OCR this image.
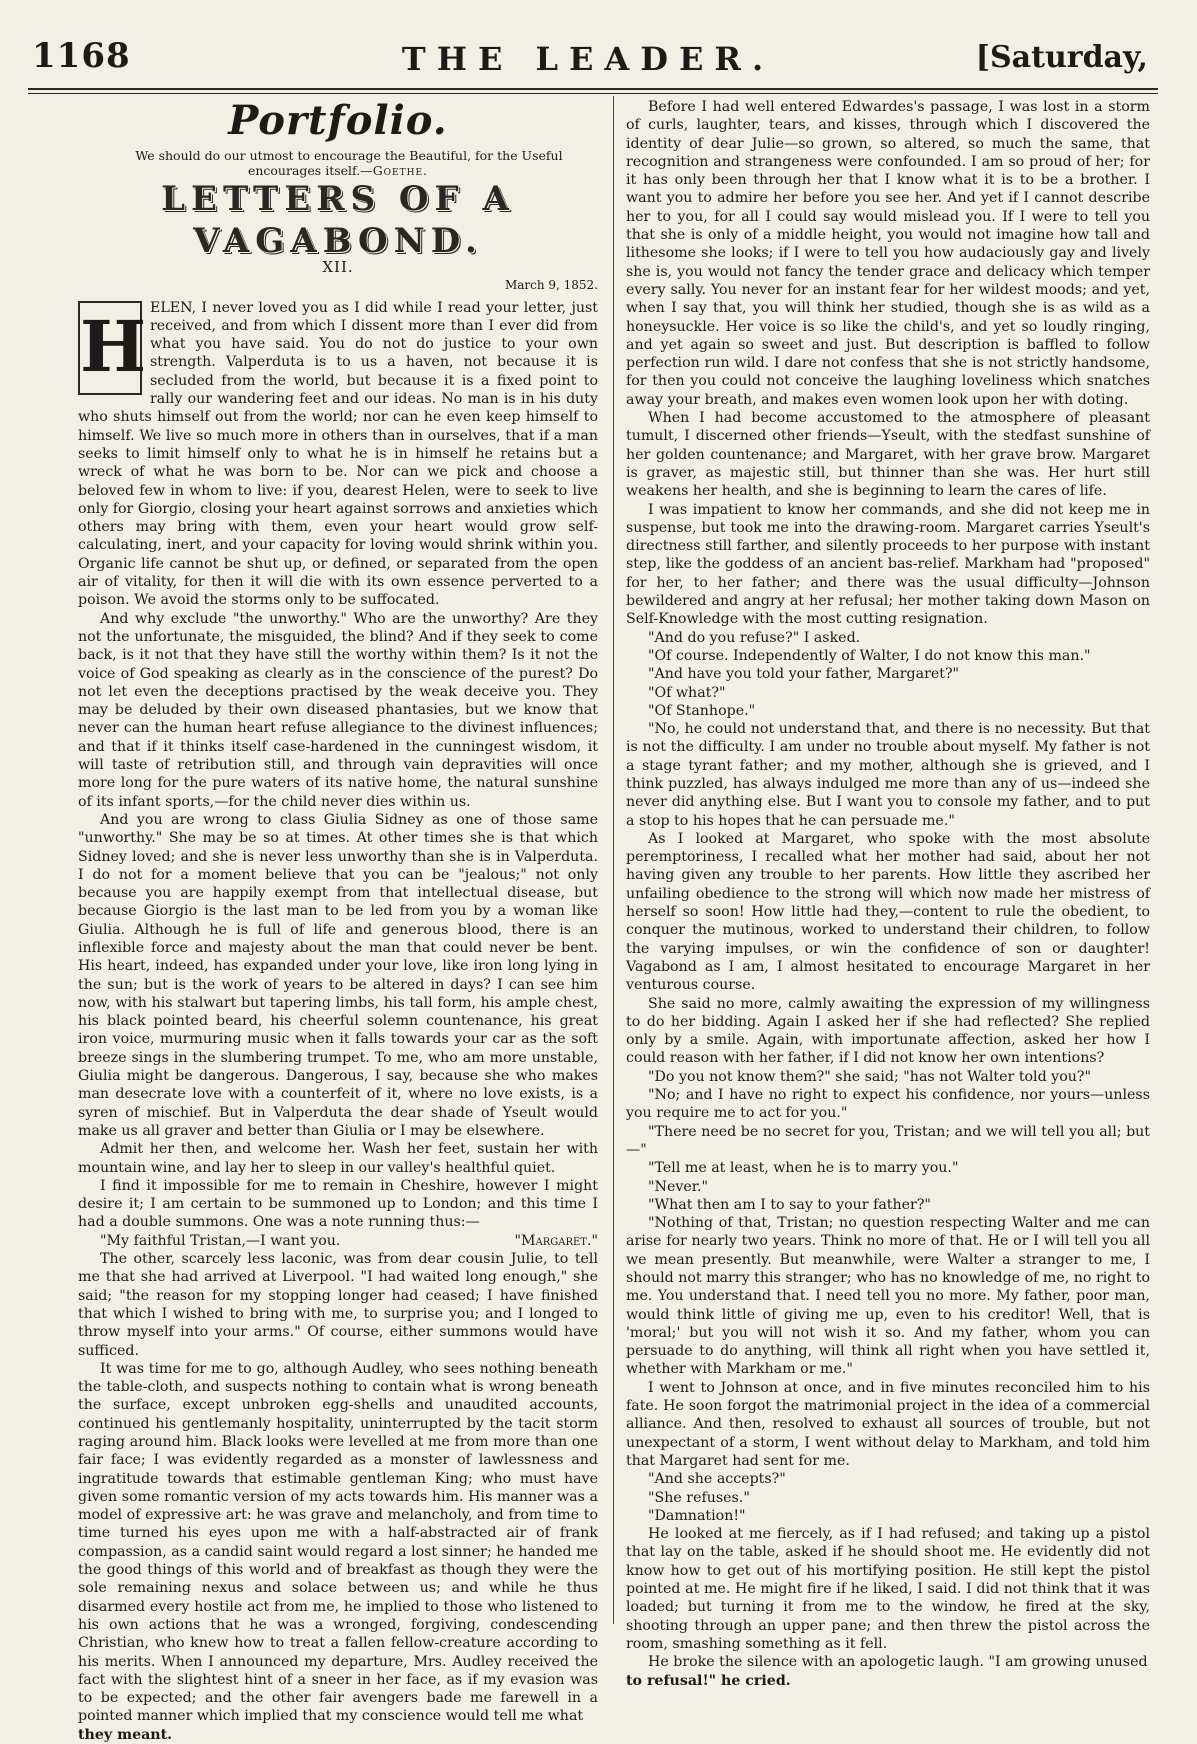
1168	THE LEADER.	[Saturday,
Portfolio.

We should do our utmost to encourage the Beautiful, for the Useful encourages itself.—Goethe.

LETTERS OF A VAGABOND.
XII.
March 9, 1852.
H ELEN, I never loved you as I did while I read your letter, just received, and from which I dissent more than I ever did from what you have said. You do not do justice to your own strength. Valperduta is to us a haven, not because it is secluded from the world, but because it is a fixed point to rally our wandering feet and our ideas. No man is in his duty who shuts himself out from the world; nor can he even keep himself to himself. We live so much more in others than in ourselves, that if a man seeks to limit himself only to what he is in himself he retains but a wreck of what he was born to be. Nor can we pick and choose a beloved few in whom to live: if you, dearest Helen, were to seek to live only for Giorgio, closing your heart against sorrows and anxieties which others may bring with them, even your heart would grow self-calculating, inert, and your capacity for loving would shrink within you. Organic life cannot be shut up, or defined, or separated from the open air of vitality, for then it will die with its own essence perverted to a poison. We avoid the storms only to be suffocated.

And why exclude "the unworthy." Who are the unworthy? Are they not the unfortunate, the misguided, the blind? And if they seek to come back, is it not that they have still the worthy within them? Is it not the voice of God speaking as clearly as in the conscience of the purest? Do not let even the deceptions practised by the weak deceive you. They may be deluded by their own diseased phantasies, but we know that never can the human heart refuse allegiance to the divinest influences; and that if it thinks itself case-hardened in the cunningest wisdom, it will taste of retribution still, and through vain depravities will once more long for the pure waters of its native home, the natural sunshine of its infant sports,—for the child never dies within us.

And you are wrong to class Giulia Sidney as one of those same "unworthy." She may be so at times. At other times she is that which Sidney loved; and she is never less unworthy than she is in Valperduta. I do not for a moment believe that you can be "jealous;" not only because you are happily exempt from that intellectual disease, but because Giorgio is the last man to be led from you by a woman like Giulia. Although he is full of life and generous blood, there is an inflexible force and majesty about the man that could never be bent. His heart, indeed, has expanded under your love, like iron long lying in the sun; but is the work of years to be altered in days? I can see him now, with his stalwart but tapering limbs, his tall form, his ample chest, his black pointed beard, his cheerful solemn countenance, his great iron voice, murmuring music when it falls towards your car as the soft breeze sings in the slumbering trumpet. To me, who am more unstable, Giulia might be dangerous. Dangerous, I say, because she who makes man desecrate love with a counterfeit of it, where no love exists, is a syren of mischief. But in Valperduta the dear shade of Yseult would make us all graver and better than Giulia or I may be elsewhere.

Admit her then, and welcome her. Wash her feet, sustain her with mountain wine, and lay her to sleep in our valley's healthful quiet.

I find it impossible for me to remain in Cheshire, however I might desire it; I am certain to be summoned up to London; and this time I had a double summons. One was a note running thus:—

"My faithful Tristan,—I want you.	"Margaret."

The other, scarcely less laconic, was from dear cousin Julie, to tell me that she had arrived at Liverpool. "I had waited long enough," she said; "the reason for my stopping longer had ceased; I have finished that which I wished to bring with me, to surprise you; and I longed to throw myself into your arms." Of course, either summons would have sufficed.

It was time for me to go, although Audley, who sees nothing beneath the table-cloth, and suspects nothing to contain what is wrong beneath the surface, except unbroken egg-shells and unaudited accounts, continued his gentlemanly hospitality, uninterrupted by the tacit storm raging around him. Black looks were levelled at me from more than one fair face; I was evidently regarded as a monster of lawlessness and ingratitude towards that estimable gentleman King; who must have given some romantic version of my acts towards him. His manner was a model of expressive art: he was grave and melancholy, and from time to time turned his eyes upon me with a half-abstracted air of frank compassion, as a candid saint would regard a lost sinner; he handed me the good things of this world and of breakfast as though they were the sole remaining nexus and solace between us; and while he thus disarmed every hostile act from me, he implied to those who listened to his own actions that he was a wronged, forgiving, condescending Christian, who knew how to treat a fallen fellow-creature according to his merits. When I announced my departure, Mrs. Audley received the fact with the slightest hint of a sneer in her face, as if my evasion was to be expected; and the other fair avengers bade me farewell in a pointed manner which implied that my conscience would tell me what

they meant.

Before I had well entered Edwardes's passage, I was lost in a storm of curls, laughter, tears, and kisses, through which I discovered the identity of dear Julie—so grown, so altered, so much the same, that recognition and strangeness were confounded. I am so proud of her; for it has only been through her that I know what it is to be a brother. I want you to admire her before you see her. And yet if I cannot describe her to you, for all I could say would mislead you. If I were to tell you that she is only of a middle height, you would not imagine how tall and lithesome she looks; if I were to tell you how audaciously gay and lively she is, you would not fancy the tender grace and delicacy which temper every sally. You never for an instant fear for her wildest moods; and yet, when I say that, you will think her studied, though she is as wild as a honeysuckle. Her voice is so like the child's, and yet so loudly ringing, and yet again so sweet and just. But description is baffled to follow perfection run wild. I dare not confess that she is not strictly handsome, for then you could not conceive the laughing loveliness which snatches away your breath, and makes even women look upon her with doting.

When I had become accustomed to the atmosphere of pleasant tumult, I discerned other friends—Yseult, with the stedfast sunshine of her golden countenance; and Margaret, with her grave brow. Margaret is graver, as majestic still, but thinner than she was. Her hurt still weakens her health, and she is beginning to learn the cares of life.

I was impatient to know her commands, and she did not keep me in suspense, but took me into the drawing-room. Margaret carries Yseult's directness still farther, and silently proceeds to her purpose with instant step, like the goddess of an ancient bas-relief. Markham had "proposed" for her, to her father; and there was the usual difficulty—Johnson bewildered and angry at her refusal; her mother taking down Mason on Self-Knowledge with the most cutting resignation.

"And do you refuse?" I asked.

"Of course. Independently of Walter, I do not know this man."

"And have you told your father, Margaret?"

"Of what?"

"Of Stanhope."

"No, he could not understand that, and there is no necessity. But that is not the difficulty. I am under no trouble about myself. My father is not a stage tyrant father; and my mother, although she is grieved, and I think puzzled, has always indulged me more than any of us—indeed she never did anything else. But I want you to console my father, and to put a stop to his hopes that he can persuade me."

As I looked at Margaret, who spoke with the most absolute peremptoriness, I recalled what her mother had said, about her not having given any trouble to her parents. How little they ascribed her unfailing obedience to the strong will which now made her mistress of herself so soon! How little had they,—content to rule the obedient, to conquer the mutinous, worked to understand their children, to follow the varying impulses, or win the confidence of son or daughter! Vagabond as I am, I almost hesitated to encourage Margaret in her venturous course.

She said no more, calmly awaiting the expression of my willingness to do her bidding. Again I asked her if she had reflected? She replied only by a smile. Again, with importunate affection, asked her how I could reason with her father, if I did not know her own intentions?

"Do you not know them?" she said; "has not Walter told you?"

"No; and I have no right to expect his confidence, nor yours—unless you require me to act for you."

"There need be no secret for you, Tristan; and we will tell you all; but—"

"Tell me at least, when he is to marry you."

"Never."

"What then am I to say to your father?"

"Nothing of that, Tristan; no question respecting Walter and me can arise for nearly two years. Think no more of that. He or I will tell you all we mean presently. But meanwhile, were Walter a stranger to me, I should not marry this stranger; who has no knowledge of me, no right to me. You understand that. I need tell you no more. My father, poor man, would think little of giving me up, even to his creditor! Well, that is 'moral;' but you will not wish it so. And my father, whom you can persuade to do anything, will think all right when you have settled it, whether with Markham or me."

I went to Johnson at once, and in five minutes reconciled him to his fate. He soon forgot the matrimonial project in the idea of a commercial alliance. And then, resolved to exhaust all sources of trouble, but not unexpectant of a storm, I went without delay to Markham, and told him that Margaret had sent for me.

"And she accepts?"

"She refuses."

"Damnation!"

He looked at me fiercely, as if I had refused; and taking up a pistol that lay on the table, asked if he should shoot me. He evidently did not know how to get out of his mortifying position. He still kept the pistol pointed at me. He might fire if he liked, I said. I did not think that it was loaded; but turning it from me to the window, he fired at the sky, shooting through an upper pane; and then threw the pistol across the room, smashing something as it fell.

He broke the silence with an apologetic laugh. "I am growing unused

to refusal!" he cried.
